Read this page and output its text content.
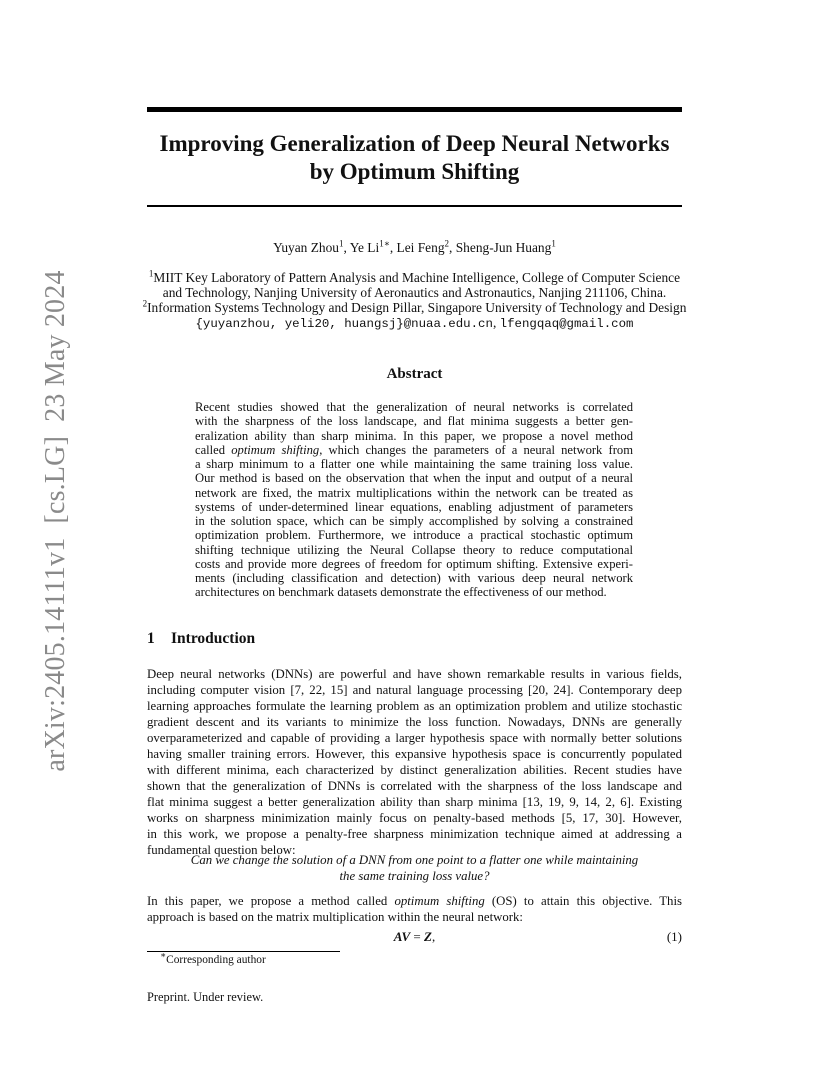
arXiv:2405.14111v1[cs.LG]23 May 2024
Improving Generalization of Deep Neural Networks
by Optimum Shifting
Yuyan Zhou$^1$, Ye $Li^{1∗}$, Lei Feng$^2$, Sheng-Jun Huang$^1$
$^1$MIIT Key Laboratory of Pattern Analysis and Machine Intelligence, College of Computer Science
and Technology, Nanjing University of Aeronautics and Astronautics, Nanjing 211106, China.
$^2$Information Systems Technology and Design Pillar, Singapore University of Technology and Design
{yuyanzhou, yeli20, huangsj}@nuaa.edu.cn, lfengqaq@gmail.com
Abstract
Recent studies showed that the generalization of neural networks is correlated
with the sharpness of the loss landscape, and flat minima suggests a better gen-
eralization ability than sharp minima. In this paper, we propose a novel method
called optimum shifting, which changes the parameters of a neural network from
a sharp minimum to a flatter one while maintaining the same training loss value.
Our method is based on the observation that when the input and output of a neural
network are fixed, the matrix multiplications within the network can be treated as
systems of under-determined linear equations, enabling adjustment of parameters
in the solution space, which can be simply accomplished by solving a constrained
optimization problem. Furthermore, we introduce a practical stochastic optimum
shifting technique utilizing the Neural Collapse theory to reduce computational
costs and provide more degrees of freedom for optimum shifting. Extensive experi-
ments (including classification and detection) with various deep neural network
architectures on benchmark datasets demonstrate the effectiveness of our method.
1 Introduction
Deep neural networks (DNNs) are powerful and have shown remarkable results in various fields,
including computer vision [7, 22, 15] and natural language processing [20, 24]. Contemporary deep
learning approaches formulate the learning problem as an optimization problem and utilize stochastic
gradient descent and its variants to minimize the loss function. Nowadays, DNNs are generally
overparameterized and capable of providing a larger hypothesis space with normally better solutions
having smaller training errors. However, this expansive hypothesis space is concurrently populated
with different minima, each characterized by distinct generalization abilities. Recent studies have
shown that the generalization of DNNs is correlated with the sharpness of the loss landscape and
flat minima suggest a better generalization ability than sharp minima [13, 19, 9, 14, 2, 6]. Existing
works on sharpness minimization mainly focus on penalty-based methods [5, 17, 30]. However,
in this work, we propose a penalty-free sharpness minimization technique aimed at addressing a
fundamental question below:
Can we change the solution of a DNN from one point to a flatter one while maintaining
the same training loss value?
In this paper, we propose a method called optimum shifting (OS) to attain this objective. This
approach is based on the matrix multiplication within the neural network:
AV = Z,	(1)
∗Corresponding author
Preprint. Under review.
